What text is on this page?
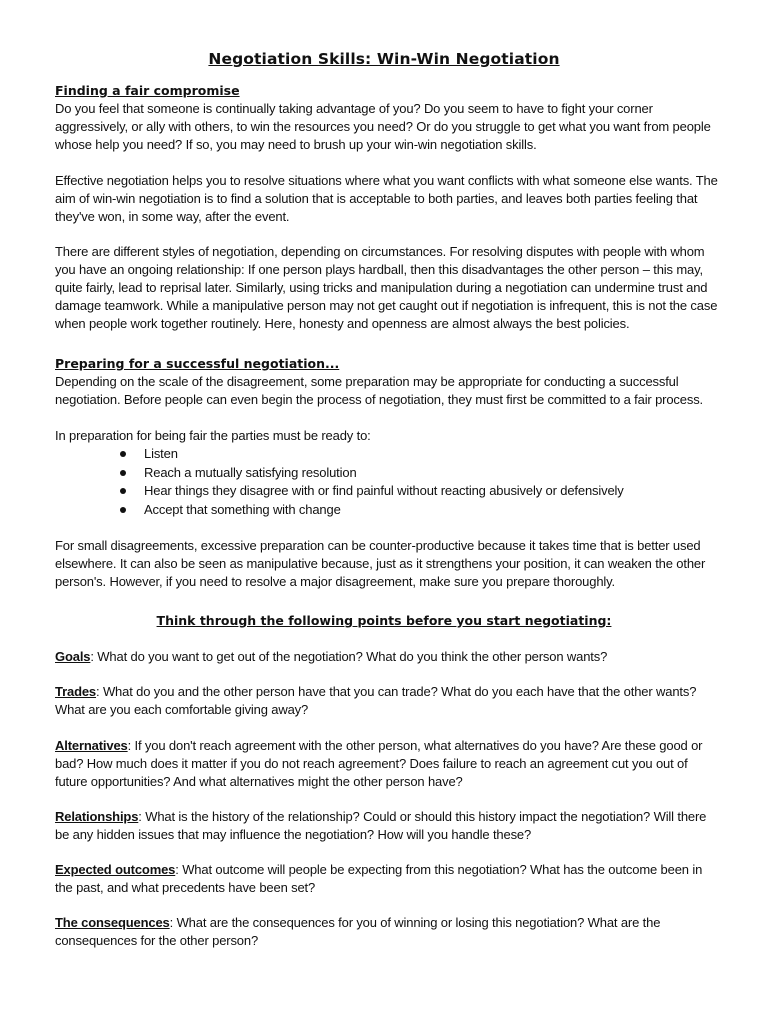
Negotiation Skills: Win-Win Negotiation
Finding a fair compromise

Do you feel that someone is continually taking advantage of you? Do you seem to have to fight your corner aggressively, or ally with others, to win the resources you need? Or do you struggle to get what you want from people whose help you need? If so, you may need to brush up your win-win negotiation skills.

Effective negotiation helps you to resolve situations where what you want conflicts with what someone else wants. The aim of win-win negotiation is to find a solution that is acceptable to both parties, and leaves both parties feeling that they've won, in some way, after the event.

There are different styles of negotiation, depending on circumstances. For resolving disputes with people with whom you have an ongoing relationship: If one person plays hardball, then this disadvantages the other person – this may, quite fairly, lead to reprisal later. Similarly, using tricks and manipulation during a negotiation can undermine trust and damage teamwork. While a manipulative person may not get caught out if negotiation is infrequent, this is not the case when people work together routinely. Here, honesty and openness are almost always the best policies.

Preparing for a successful negotiation...

Depending on the scale of the disagreement, some preparation may be appropriate for conducting a successful negotiation. Before people can even begin the process of negotiation, they must first be committed to a fair process.

In preparation for being fair the parties must be ready to:

Listen
Reach a mutually satisfying resolution
Hear things they disagree with or find painful without reacting abusively or defensively
Accept that something with change

For small disagreements, excessive preparation can be counter-productive because it takes time that is better used elsewhere. It can also be seen as manipulative because, just as it strengthens your position, it can weaken the other person's. However, if you need to resolve a major disagreement, make sure you prepare thoroughly.

Think through the following points before you start negotiating:

Goals: What do you want to get out of the negotiation? What do you think the other person wants?

Trades: What do you and the other person have that you can trade? What do you each have that the other wants? What are you each comfortable giving away?

Alternatives: If you don't reach agreement with the other person, what alternatives do you have? Are these good or bad? How much does it matter if you do not reach agreement? Does failure to reach an agreement cut you out of future opportunities? And what alternatives might the other person have?

Relationships: What is the history of the relationship? Could or should this history impact the negotiation? Will there be any hidden issues that may influence the negotiation? How will you handle these?

Expected outcomes: What outcome will people be expecting from this negotiation? What has the outcome been in the past, and what precedents have been set?

The consequences: What are the consequences for you of winning or losing this negotiation? What are the consequences for the other person?
